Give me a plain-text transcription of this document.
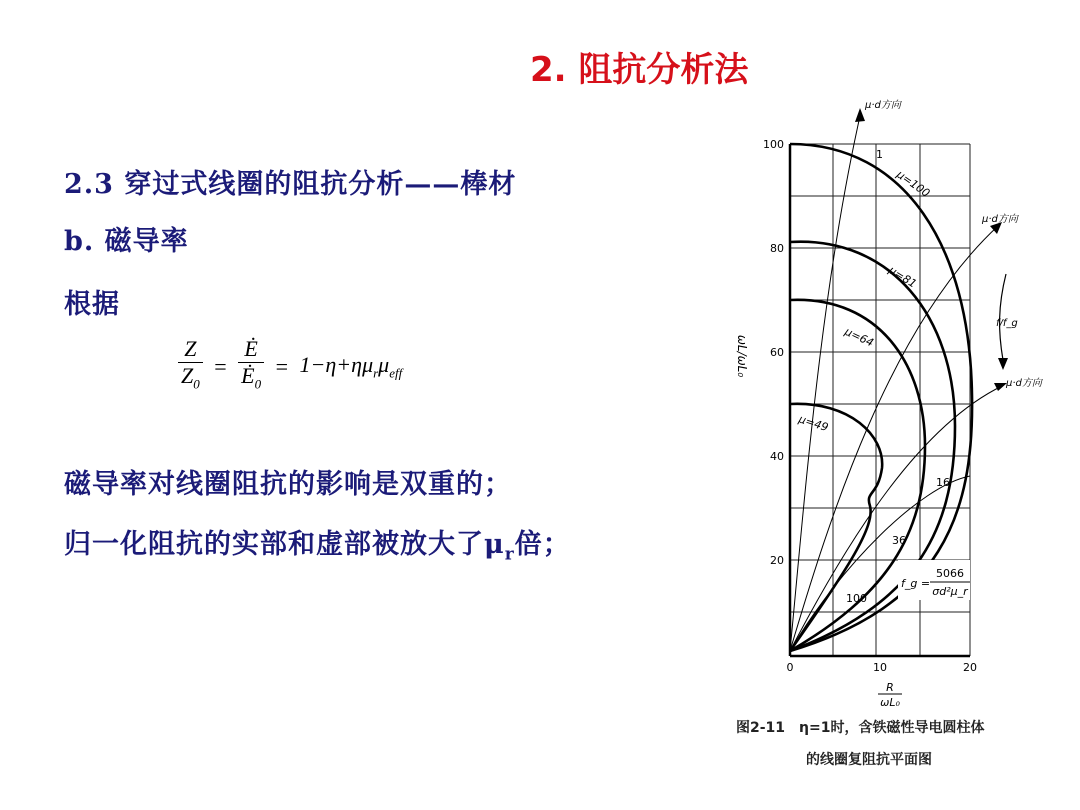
2. 阻抗分析法
2.3 穿过式线圈的阻抗分析——棒材
b. 磁导率
根据
$\frac{Z}{Z_0} = \frac{Ė}{Ė_0} = 1-\eta+\eta\mu_r\mu_{eff}$
磁导率对线圈阻抗的影响是双重的；
归一化阻抗的实部和虚部被放大了$\mu_r$倍；
100
80
60
40
20
0	10	20
ωL/ωL₀
R
ωL₀
μ·d方向
μ·d方向
μ·d方向
f/f_g
μ=100
μ=81
μ=64
μ=49
1
16
36
100
f_g =
5066
σd²μ_r
图2-11 η=1时，含铁磁性导电圆柱体
的线圈复阻抗平面图
